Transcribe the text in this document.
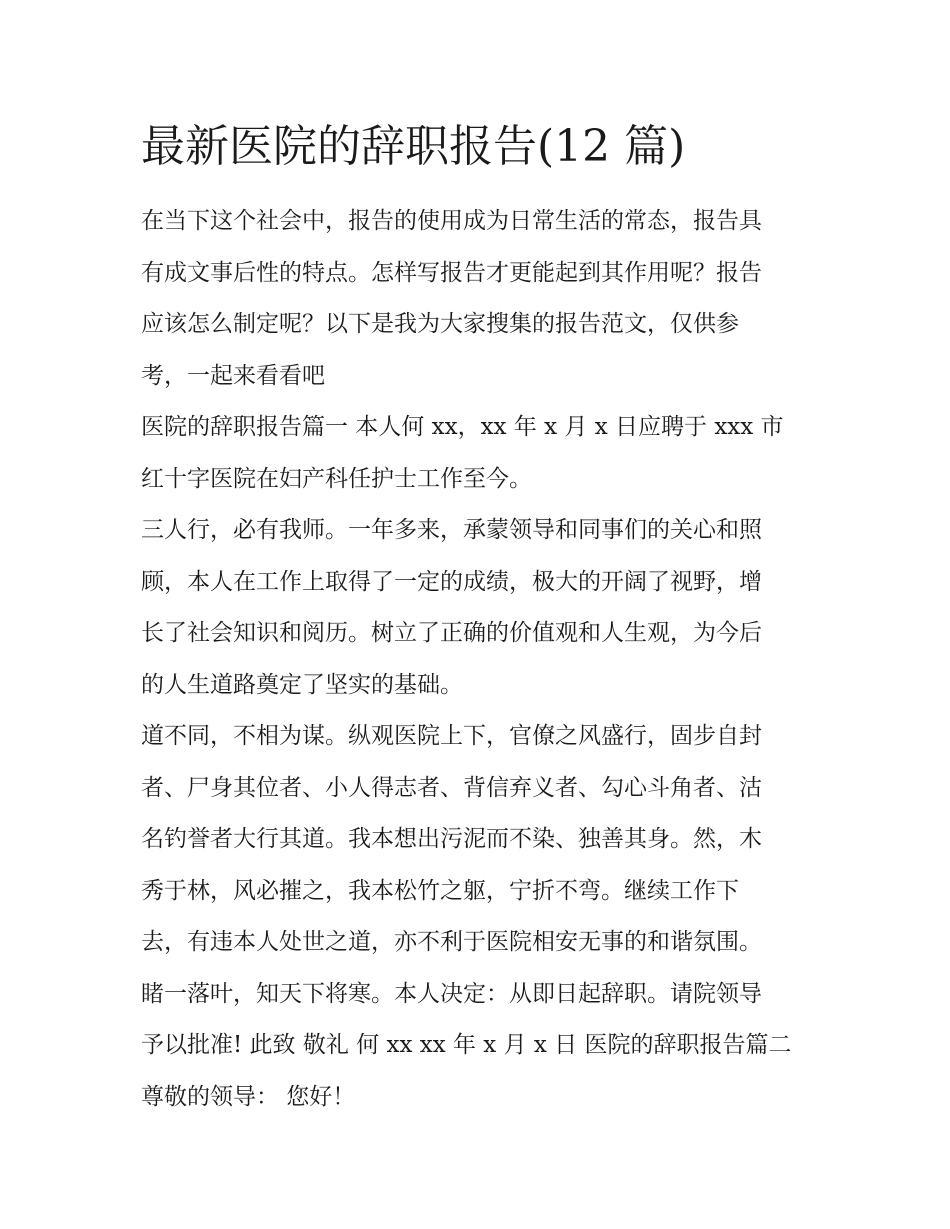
最新医院的辞职报告(12 篇)
在当下这个社会中，报告的使用成为日常生活的常态，报告具
有成文事后性的特点。怎样写报告才更能起到其作用呢？报告
应该怎么制定呢？以下是我为大家搜集的报告范文，仅供参
考，一起来看看吧
医院的辞职报告篇一 本人何 xx，xx 年 x 月 x 日应聘于 xxx 市
红十字医院在妇产科任护士工作至今。
三人行，必有我师。一年多来，承蒙领导和同事们的关心和照
顾，本人在工作上取得了一定的成绩，极大的开阔了视野，增
长了社会知识和阅历。树立了正确的价值观和人生观，为今后
的人生道路奠定了坚实的基础。
道不同，不相为谋。纵观医院上下，官僚之风盛行，固步自封
者、尸身其位者、小人得志者、背信弃义者、勾心斗角者、沽
名钓誉者大行其道。我本想出污泥而不染、独善其身。然，木
秀于林，风必摧之，我本松竹之躯，宁折不弯。继续工作下
去，有违本人处世之道，亦不利于医院相安无事的和谐氛围。
睹一落叶，知天下将寒。本人决定：从即日起辞职。请院领导
予以批准! 此致 敬礼 何 xx xx 年 x 月 x 日 医院的辞职报告篇二
尊敬的领导： 您好！
